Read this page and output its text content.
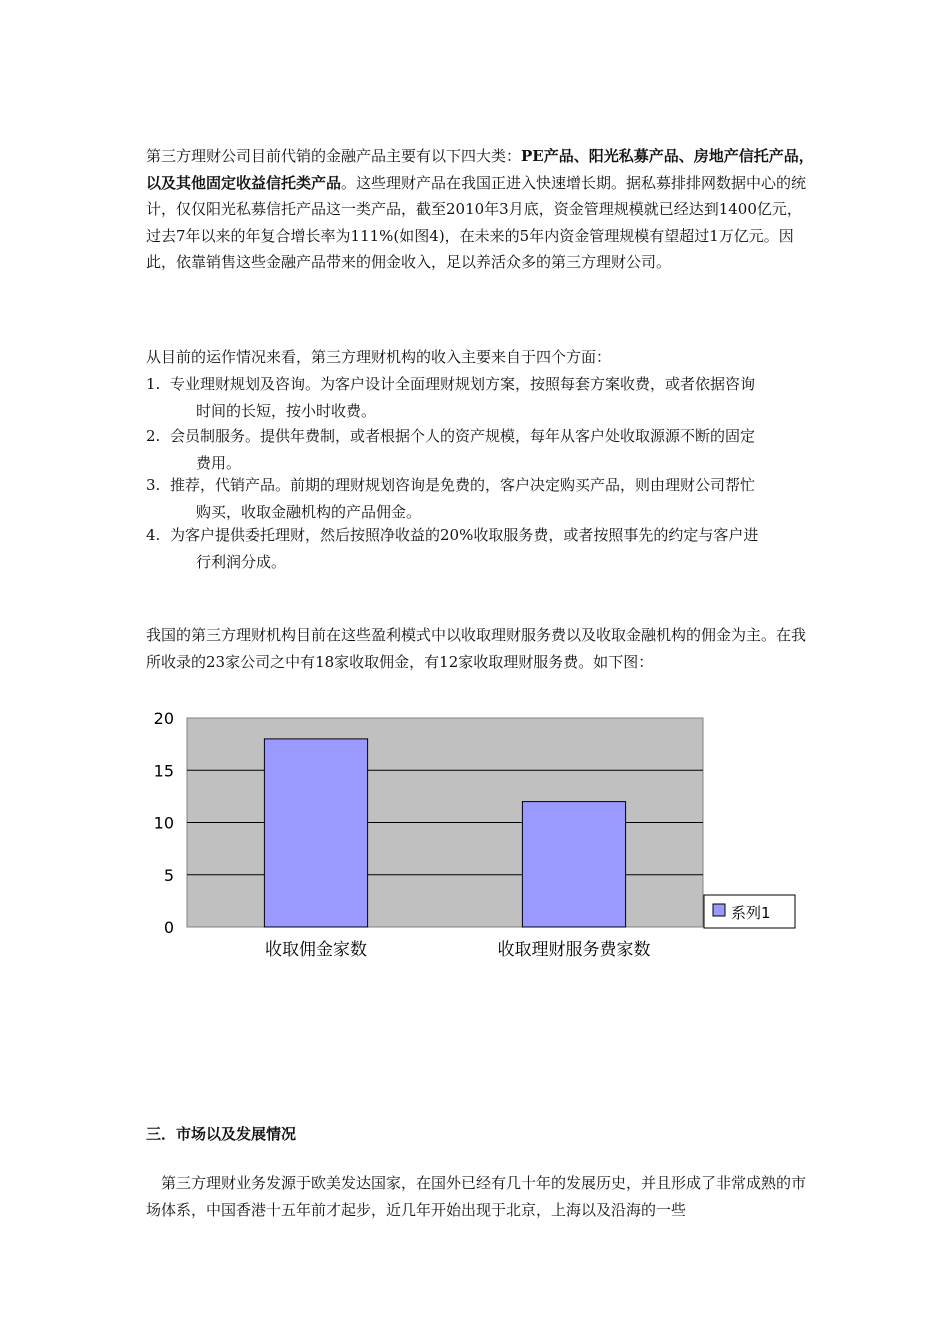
第三方理财公司目前代销的金融产品主要有以下四大类：PE产品、阳光私募产品、房地产信托产品，以及其他固定收益信托类产品。这些理财产品在我国正进入快速增长期。据私募排排网数据中心的统计，仅仅阳光私募信托产品这一类产品，截至2010年3月底，资金管理规模就已经达到1400亿元，过去7年以来的年复合增长率为111%(如图4)，在未来的5年内资金管理规模有望超过1万亿元。因此，依靠销售这些金融产品带来的佣金收入，足以养活众多的第三方理财公司。

从目前的运作情况来看，第三方理财机构的收入主要来自于四个方面：

1. 专业理财规划及咨询。为客户设计全面理财规划方案，按照每套方案收费，或者依据咨询
时间的长短，按小时收费。
2. 会员制服务。提供年费制，或者根据个人的资产规模，每年从客户处收取源源不断的固定
费用。
3. 推荐，代销产品。前期的理财规划咨询是免费的，客户决定购买产品，则由理财公司帮忙
购买，收取金融机构的产品佣金。
4. 为客户提供委托理财，然后按照净收益的20%收取服务费，或者按照事先的约定与客户进
行利润分成。

我国的第三方理财机构目前在这些盈利模式中以收取理财服务费以及收取金融机构的佣金为主。在我所收录的23家公司之中有18家收取佣金，有12家收取理财服务费。如下图：

0
5
10
15
20
收取佣金家数	收取理财服务费家数
系列1

三．市场以及发展情况

第三方理财业务发源于欧美发达国家，在国外已经有几十年的发展历史，并且形成了非常成熟的市场体系，中国香港十五年前才起步，近几年开始出现于北京，上海以及沿海的一些
